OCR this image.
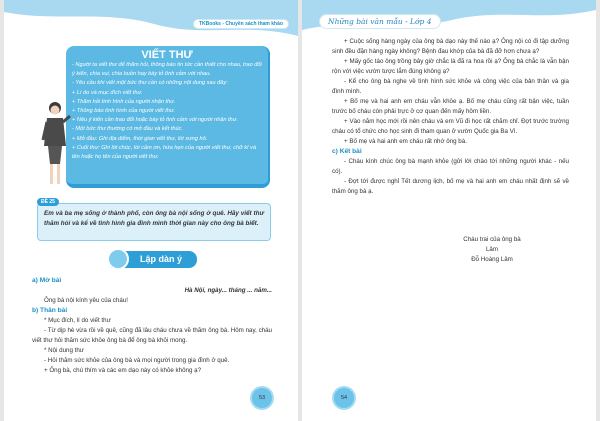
TKBooks - Chuyên sách tham khảo
VIẾT THƯ

- Người ta viết thư để thăm hỏi, thông báo tin tức cần thiết cho nhau, trao đổi ý kiến, chia vui, chia buồn hay bày tỏ tình cảm với nhau.

- Yêu cầu khi viết một bức thư cần có những nội dung sau đây:

+ Lí do và mục đích viết thư.

+ Thăm hỏi tình hình của người nhận thư.

+ Thông báo tình hình của người viết thư.

+ Nêu ý kiến cần trao đổi hoặc bày tỏ tình cảm với người nhận thư.

- Một bức thư thường có mở đầu và kết thúc.

+ Mở đầu: Ghi địa điểm, thời gian viết thư, lời xưng hô.

+ Cuối thư: Ghi lời chúc, lời cảm ơn, hứa hẹn của người viết thư, chữ kí và tên hoặc họ tên của người viết thư.

Em và ba mẹ sống ở thành phố, còn ông bà nội sống ở quê. Hãy viết thư thăm hỏi và kể về tình hình gia đình mình thời gian này cho ông bà biết.
ĐỀ 25
Lập dàn ý

a) Mở bài

Hà Nội, ngày... tháng ... năm...

Ông bà nội kính yêu của cháu!

b) Thân bài

* Mục đích, lí do viết thư

- Từ dịp hè vừa rồi về quê, cũng đã lâu cháu chưa về thăm ông bà. Hôm nay, cháu viết thư hỏi thăm sức khỏe ông bà để ông bà khỏi mong.

* Nội dung thư

- Hỏi thăm sức khỏe của ông bà và mọi người trong gia đình ở quê.

+ Ông bà, chú thím và các em dạo này có khỏe không ạ?

53
Những bài văn mẫu - Lớp 4

+ Cuộc sống hàng ngày của ông bà dạo này thế nào ạ? Ông nội có đi tập dưỡng sinh đều đặn hàng ngày không? Bệnh đau khớp của bà đã đỡ hơn chưa ạ?

+ Mấy gốc táo ông trồng bây giờ chắc là đã ra hoa rồi ạ? Ông bà chắc là vẫn bận rộn với việc vườn tược lắm đúng không ạ?

- Kể cho ông bà nghe về tình hình sức khỏe và công việc của bản thân và gia đình mình.

+ Bố mẹ và hai anh em cháu vẫn khỏe ạ. Bố mẹ cháu cũng rất bận việc, tuần trước bố cháu còn phải trực ở cơ quan đến mấy hôm liền.

+ Vào năm học mới rồi nên cháu và em Vũ đi học rất chăm chỉ. Đợt trước trường cháu có tổ chức cho học sinh đi tham quan ở vườn Quốc gia Ba Vì.

+ Bố mẹ và hai anh em cháu rất nhớ ông bà.

c) Kết bài

- Cháu kính chúc ông bà mạnh khỏe (gửi lời chào tới những người khác - nếu có).

- Đợt tới được nghỉ Tết dương lịch, bố mẹ và hai anh em cháu nhất định sẽ về thăm ông bà ạ.

Cháu trai của ông bà

Lâm

Đỗ Hoàng Lâm

54
